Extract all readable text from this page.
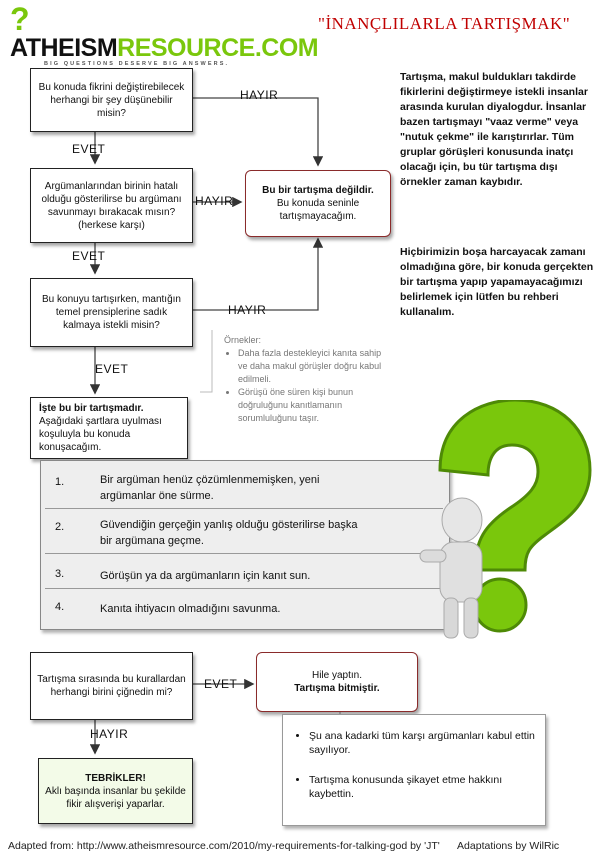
?ATHEISMRESOURCE.COM
BIG QUESTIONS DESERVE BIG ANSWERS.
"İNANÇLILARLA TARTIŞMAK"
Bu konuda fikrini değiştirebilecek herhangi bir şey düşünebilir misin?
HAYIR
EVET
Argümanlarından birinin hatalı olduğu gösterilirse bu argümanı savunmayı bırakacak mısın? (herkese karşı)
HAYIR
EVET
Bu bir tartışma değildir.
Bu konuda seninle tartışmayacağım.
Bu konuyu tartışırken, mantığın temel prensiplerine sadık kalmaya istekli misin?
HAYIR
EVET
Örnekler:
• Daha fazla destekleyici kanıta sahip ve daha makul görüşler doğru kabul edilmeli.
• Görüşü öne süren kişi bunun doğruluğunu kanıtlamanın sorumluluğunu taşır.
İşte bu bir tartışmadır.
Aşağıdaki şartlara uyulması koşuluyla bu konuda konuşacağım.
1.	Bir argüman henüz çözümlenmemişken, yeni argümanlar öne sürme.
2.	Güvendiğin gerçeğin yanlış olduğu gösterilirse başka bir argümana geçme.
3.	Görüşün ya da argümanların için kanıt sun.
4.	Kanıta ihtiyacın olmadığını savunma.
Tartışma sırasında bu kurallardan herhangi birini çiğnedin mi?
EVET
HAYIR
Hile yaptın.
Tartışma bitmiştir.
• Şu ana kadarki tüm karşı argümanları kabul ettin sayılıyor.
• Tartışma konusunda şikayet etme hakkını kaybettin.
TEBRİKLER!
Aklı başında insanlar bu şekilde fikir alışverişi yaparlar.
Tartışma, makul buldukları takdirde fikirlerini değiştirmeye istekli insanlar arasında kurulan diyalogdur. İnsanlar bazen tartışmayı "vaaz verme" veya "nutuk çekme" ile karıştırırlar. Tüm gruplar görüşleri konusunda inatçı olacağı için, bu tür tartışma dışı örnekler zaman kaybıdır.
Hiçbirimizin boşa harcayacak zamanı olmadığına göre, bir konuda gerçekten bir tartışma yapıp yapamayacağımızı belirlemek için lütfen bu rehberi kullanalım.
Adapted from: http://www.atheismresource.com/2010/my-requirements-for-talking-god by 'JT' Adaptations by WilRic
